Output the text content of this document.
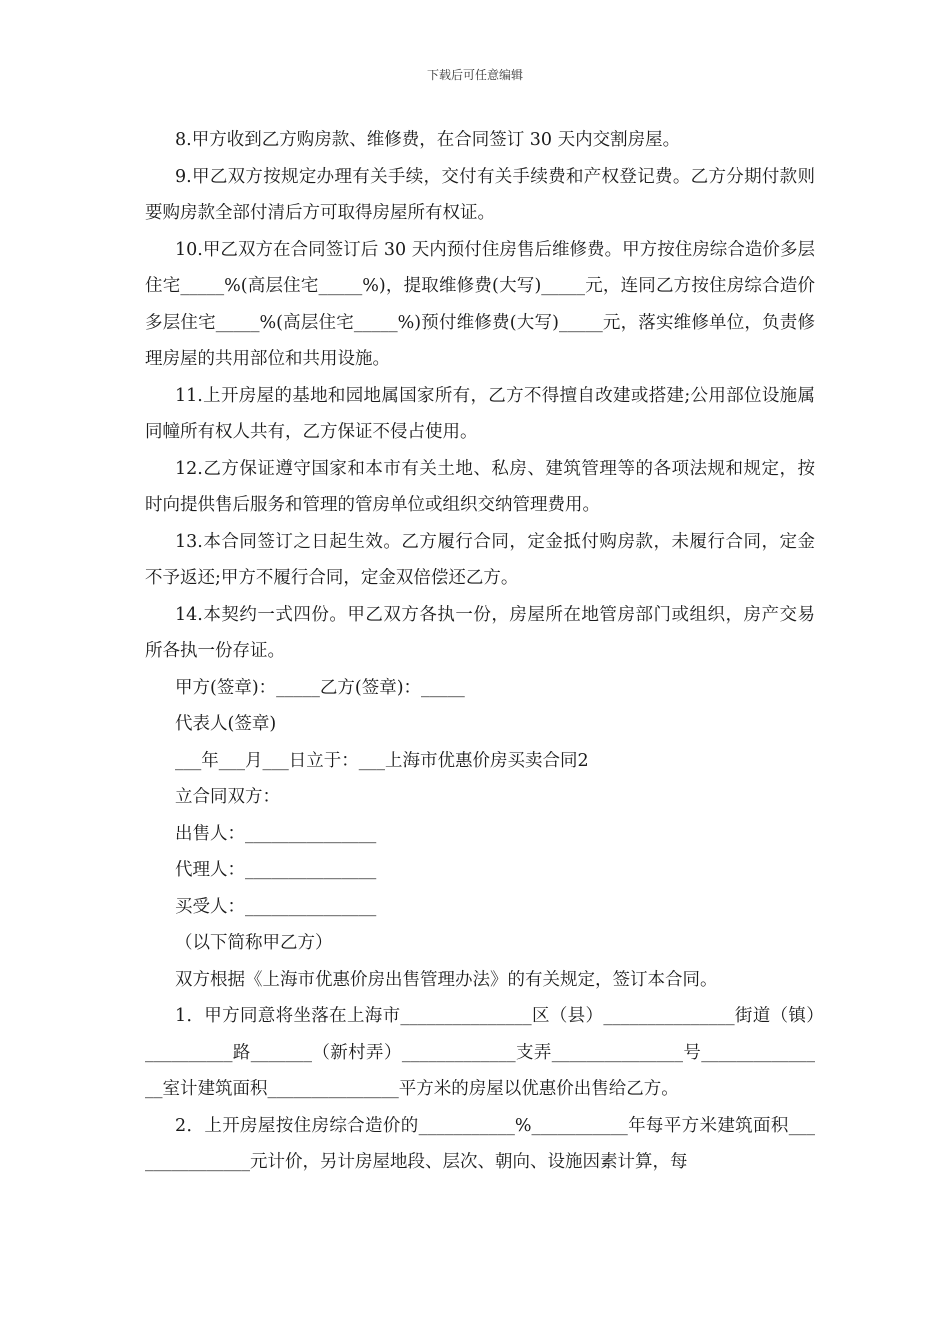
下载后可任意编辑

8.甲方收到乙方购房款、维修费，在合同签订 30 天内交割房屋。

9.甲乙双方按规定办理有关手续，交付有关手续费和产权登记费。乙方分期付款则要购房款全部付清后方可取得房屋所有权证。

10.甲乙双方在合同签订后 30 天内预付住房售后维修费。甲方按住房综合造价多层住宅_____%(高层住宅_____%)，提取维修费(大写)_____元，连同乙方按住房综合造价多层住宅_____%(高层住宅_____%)预付维修费(大写)_____元，落实维修单位，负责修理房屋的共用部位和共用设施。

11.上开房屋的基地和园地属国家所有，乙方不得擅自改建或搭建;公用部位设施属同幢所有权人共有，乙方保证不侵占使用。

12.乙方保证遵守国家和本市有关土地、私房、建筑管理等的各项法规和规定，按时向提供售后服务和管理的管房单位或组织交纳管理费用。

13.本合同签订之日起生效。乙方履行合同，定金抵付购房款，未履行合同，定金不予返还;甲方不履行合同，定金双倍偿还乙方。

14.本契约一式四份。甲乙双方各执一份，房屋所在地管房部门或组织，房产交易所各执一份存证。

甲方(签章)：_____乙方(签章)：_____

代表人(签章)

___年___月___日立于：___上海市优惠价房买卖合同2

立合同双方：

出售人：_______________

代理人：_______________

买受人：_______________

（以下简称甲乙方）

双方根据《上海市优惠价房出售管理办法》的有关规定，签订本合同。

1．甲方同意将坐落在上海市_______________区（县）_______________街道（镇）__________路_______（新村弄）_____________支弄_______________号_______________室计建筑面积_______________平方米的房屋以优惠价出售给乙方。

2．上开房屋按住房综合造价的___________%___________年每平方米建筑面积_______________元计价，另计房屋地段、层次、朝向、设施因素计算，每
